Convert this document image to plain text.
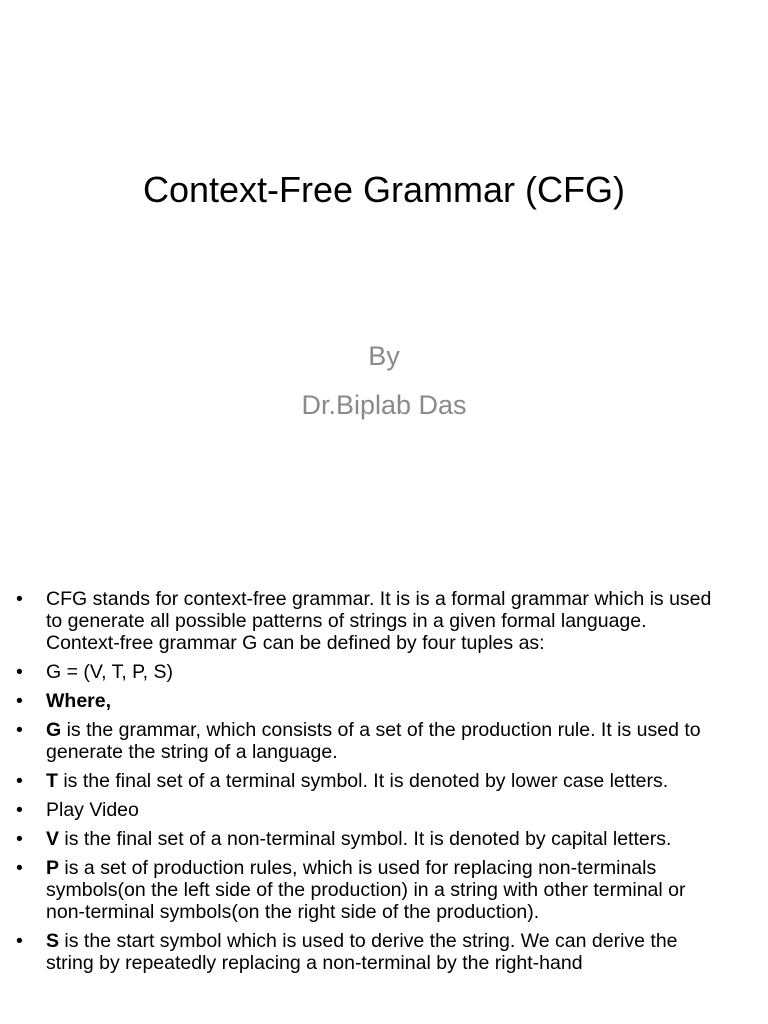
Context-Free Grammar (CFG)
By
Dr.Biplab Das
• CFG stands for context-free grammar. It is is a formal grammar which is used to generate all possible patterns of strings in a given formal language. Context-free grammar G can be defined by four tuples as:
• G = (V, T, P, S)
• Where,
• G is the grammar, which consists of a set of the production rule. It is used to generate the string of a language.
• T is the final set of a terminal symbol. It is denoted by lower case letters.
• Play Video
• V is the final set of a non-terminal symbol. It is denoted by capital letters.
• P is a set of production rules, which is used for replacing non-terminals symbols(on the left side of the production) in a string with other terminal or non-terminal symbols(on the right side of the production).
• S is the start symbol which is used to derive the string. We can derive the string by repeatedly replacing a non-terminal by the right-hand
